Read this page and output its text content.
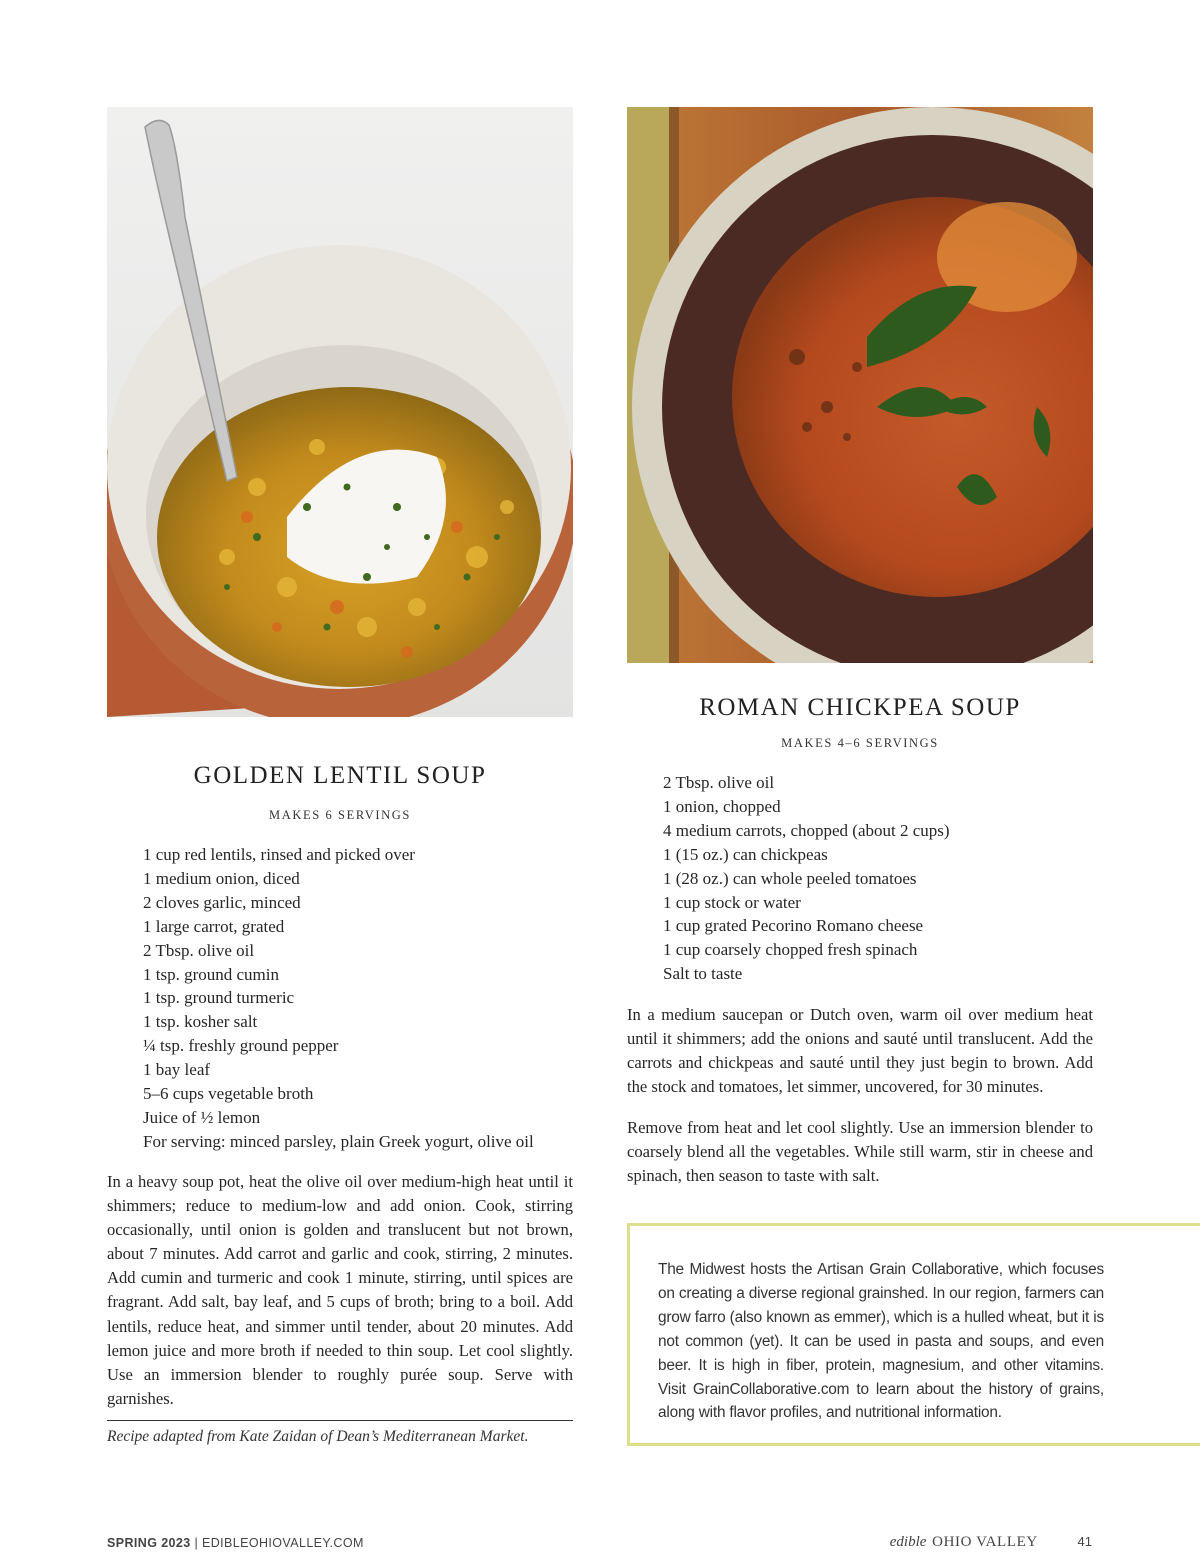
GOLDEN LENTIL SOUP
MAKES 6 SERVINGS
1 cup red lentils, rinsed and picked over
1 medium onion, diced
2 cloves garlic, minced
1 large carrot, grated
2 Tbsp. olive oil
1 tsp. ground cumin
1 tsp. ground turmeric
1 tsp. kosher salt
¼ tsp. freshly ground pepper
1 bay leaf
5–6 cups vegetable broth
Juice of ½ lemon
For serving: minced parsley, plain Greek yogurt, olive oil

In a heavy soup pot, heat the olive oil over medium-high heat until it shimmers; reduce to medium-low and add onion. Cook, stirring occasionally, until onion is golden and translucent but not brown, about 7 minutes. Add carrot and garlic and cook, stirring, 2 minutes. Add cumin and turmeric and cook 1 minute, stirring, until spices are fragrant. Add salt, bay leaf, and 5 cups of broth; bring to a boil. Add lentils, reduce heat, and simmer until tender, about 20 minutes. Add lemon juice and more broth if needed to thin soup. Let cool slightly. Use an immersion blender to roughly purée soup. Serve with garnishes.

Recipe adapted from Kate Zaidan of Dean’s Mediterranean Market.
ROMAN CHICKPEA SOUP
MAKES 4–6 SERVINGS
2 Tbsp. olive oil
1 onion, chopped
4 medium carrots, chopped (about 2 cups)
1 (15 oz.) can chickpeas
1 (28 oz.) can whole peeled tomatoes
1 cup stock or water
1 cup grated Pecorino Romano cheese
1 cup coarsely chopped fresh spinach
Salt to taste

In a medium saucepan or Dutch oven, warm oil over medium heat until it shimmers; add the onions and sauté until translucent. Add the carrots and chickpeas and sauté until they just begin to brown. Add the stock and tomatoes, let simmer, uncovered, for 30 minutes.

Remove from heat and let cool slightly. Use an immersion blender to coarsely blend all the vegetables. While still warm, stir in cheese and spinach, then season to taste with salt.

The Midwest hosts the Artisan Grain Collaborative, which focuses on creating a diverse regional grainshed. In our region, farmers can grow farro (also known as emmer), which is a hulled wheat, but it is not common (yet). It can be used in pasta and soups, and even beer. It is high in fiber, protein, magnesium, and other vitamins. Visit GrainCollaborative.com to learn about the history of grains, along with flavor profiles, and nutritional information.

SPRING 2023 | EDIBLEOHIOVALLEY.COM	edible OHIO VALLEY	41
